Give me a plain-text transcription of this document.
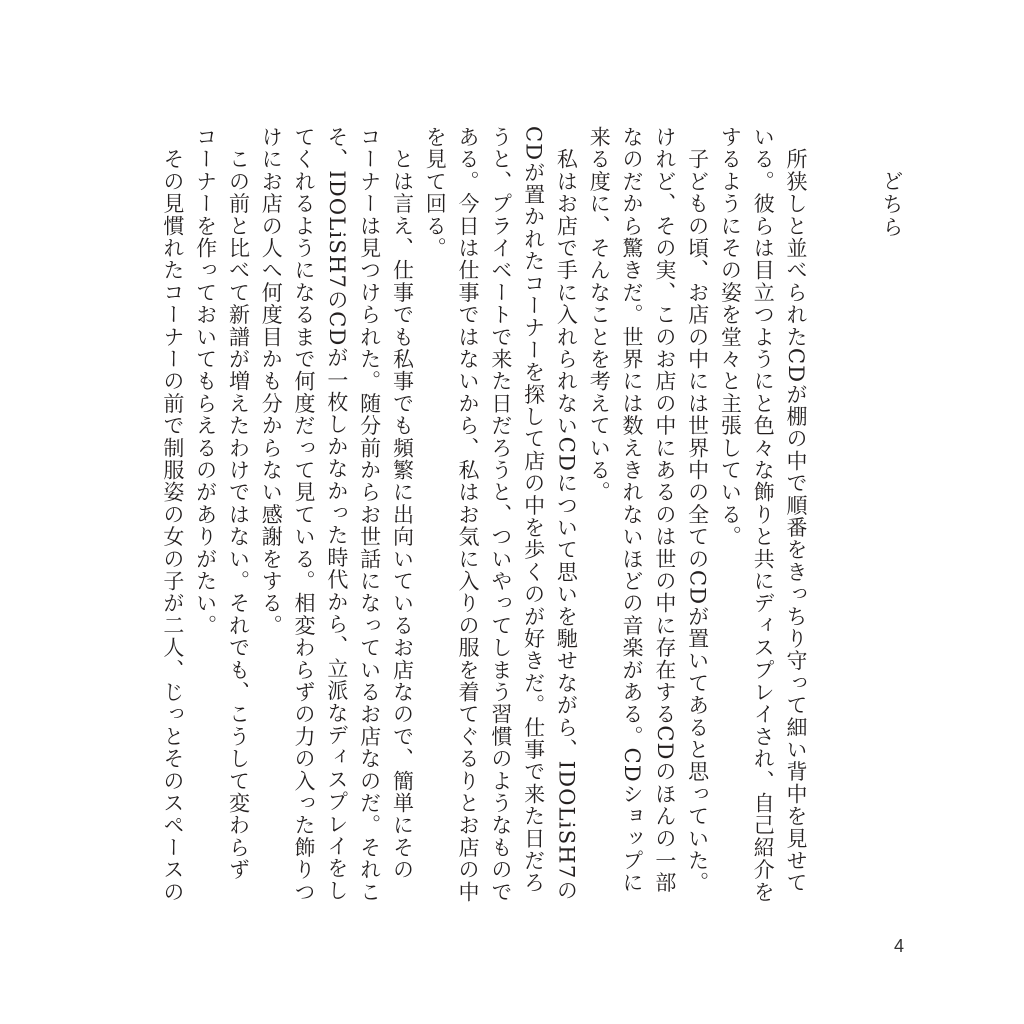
どちら
　所狭しと並べられたCDが棚の中で順番をきっちり守って細い背中を見せて
いる。彼らは目立つようにと色々な飾りと共にディスプレイされ、自己紹介を
するようにその姿を堂々と主張している。
　子どもの頃、お店の中には世界中の全てのCDが置いてあると思っていた。
けれど、その実、このお店の中にあるのは世の中に存在するCDのほんの一部
なのだから驚きだ。世界には数えきれないほどの音楽がある。CDショップに
来る度に、そんなことを考えている。
　私はお店で手に入れられないCDについて思いを馳せながら、IDOLiSH7の
CDが置かれたコーナーを探して店の中を歩くのが好きだ。仕事で来た日だろ
うと、プライベートで来た日だろうと、ついやってしまう習慣のようなもので
ある。今日は仕事ではないから、私はお気に入りの服を着てぐるりとお店の中
を見て回る。
　とは言え、仕事でも私事でも頻繁に出向いているお店なので、簡単にその
コーナーは見つけられた。随分前からお世話になっているお店なのだ。それこ
そ、IDOLiSH7のCDが一枚しかなかった時代から、立派なディスプレイをし
てくれるようになるまで何度だって見ている。相変わらずの力の入った飾りつ
けにお店の人へ何度目かも分からない感謝をする。
　この前と比べて新譜が増えたわけではない。それでも、こうして変わらず
コーナーを作っておいてもらえるのがありがたい。
　その見慣れたコーナーの前で制服姿の女の子が二人、じっとそのスペースの
4
